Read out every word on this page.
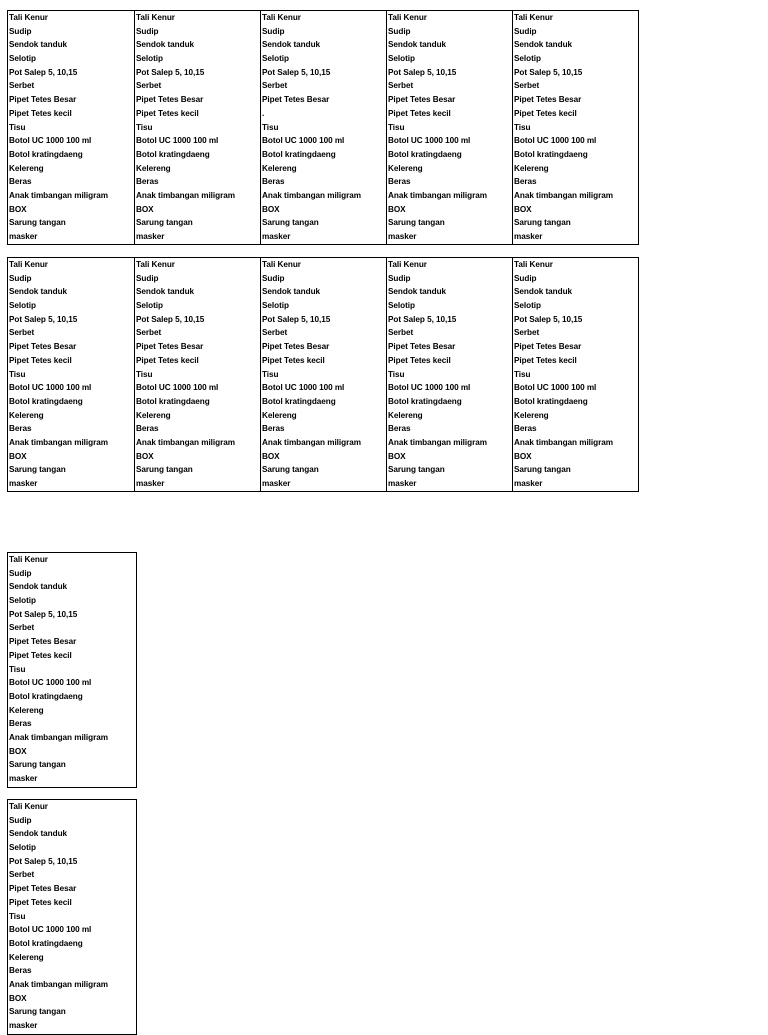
Tali Kenur
Sudip
Sendok tanduk
Selotip
Pot Salep 5, 10,15
Serbet
Pipet Tetes Besar
Pipet Tetes kecil
Tisu
Botol UC 1000 100 ml
Botol kratingdaeng
Kelereng
Beras
Anak timbangan miligram
BOX
Sarung tangan
masker
Tali Kenur
Sudip
Sendok tanduk
Selotip
Pot Salep 5, 10,15
Serbet
Pipet Tetes Besar
Pipet Tetes kecil
Tisu
Botol UC 1000 100 ml
Botol kratingdaeng
Kelereng
Beras
Anak timbangan miligram
BOX
Sarung tangan
masker
Tali Kenur
Sudip
Sendok tanduk
Selotip
Pot Salep 5, 10,15
Serbet
Pipet Tetes Besar
.
Tisu
Botol UC 1000 100 ml
Botol kratingdaeng
Kelereng
Beras
Anak timbangan miligram
BOX
Sarung tangan
masker
Tali Kenur
Sudip
Sendok tanduk
Selotip
Pot Salep 5, 10,15
Serbet
Pipet Tetes Besar
Pipet Tetes kecil
Tisu
Botol UC 1000 100 ml
Botol kratingdaeng
Kelereng
Beras
Anak timbangan miligram
BOX
Sarung tangan
masker
Tali Kenur
Sudip
Sendok tanduk
Selotip
Pot Salep 5, 10,15
Serbet
Pipet Tetes Besar
Pipet Tetes kecil
Tisu
Botol UC 1000 100 ml
Botol kratingdaeng
Kelereng
Beras
Anak timbangan miligram
BOX
Sarung tangan
masker
Tali Kenur
Sudip
Sendok tanduk
Selotip
Pot Salep 5, 10,15
Serbet
Pipet Tetes Besar
Pipet Tetes kecil
Tisu
Botol UC 1000 100 ml
Botol kratingdaeng
Kelereng
Beras
Anak timbangan miligram
BOX
Sarung tangan
masker
Tali Kenur
Sudip
Sendok tanduk
Selotip
Pot Salep 5, 10,15
Serbet
Pipet Tetes Besar
Pipet Tetes kecil
Tisu
Botol UC 1000 100 ml
Botol kratingdaeng
Kelereng
Beras
Anak timbangan miligram
BOX
Sarung tangan
masker
Tali Kenur
Sudip
Sendok tanduk
Selotip
Pot Salep 5, 10,15
Serbet
Pipet Tetes Besar
Pipet Tetes kecil
Tisu
Botol UC 1000 100 ml
Botol kratingdaeng
Kelereng
Beras
Anak timbangan miligram
BOX
Sarung tangan
masker
Tali Kenur
Sudip
Sendok tanduk
Selotip
Pot Salep 5, 10,15
Serbet
Pipet Tetes Besar
Pipet Tetes kecil
Tisu
Botol UC 1000 100 ml
Botol kratingdaeng
Kelereng
Beras
Anak timbangan miligram
BOX
Sarung tangan
masker
Tali Kenur
Sudip
Sendok tanduk
Selotip
Pot Salep 5, 10,15
Serbet
Pipet Tetes Besar
Pipet Tetes kecil
Tisu
Botol UC 1000 100 ml
Botol kratingdaeng
Kelereng
Beras
Anak timbangan miligram
BOX
Sarung tangan
masker
Tali Kenur
Sudip
Sendok tanduk
Selotip
Pot Salep 5, 10,15
Serbet
Pipet Tetes Besar
Pipet Tetes kecil
Tisu
Botol UC 1000 100 ml
Botol kratingdaeng
Kelereng
Beras
Anak timbangan miligram
BOX
Sarung tangan
masker
Tali Kenur
Sudip
Sendok tanduk
Selotip
Pot Salep 5, 10,15
Serbet
Pipet Tetes Besar
Pipet Tetes kecil
Tisu
Botol UC 1000 100 ml
Botol kratingdaeng
Kelereng
Beras
Anak timbangan miligram
BOX
Sarung tangan
masker
